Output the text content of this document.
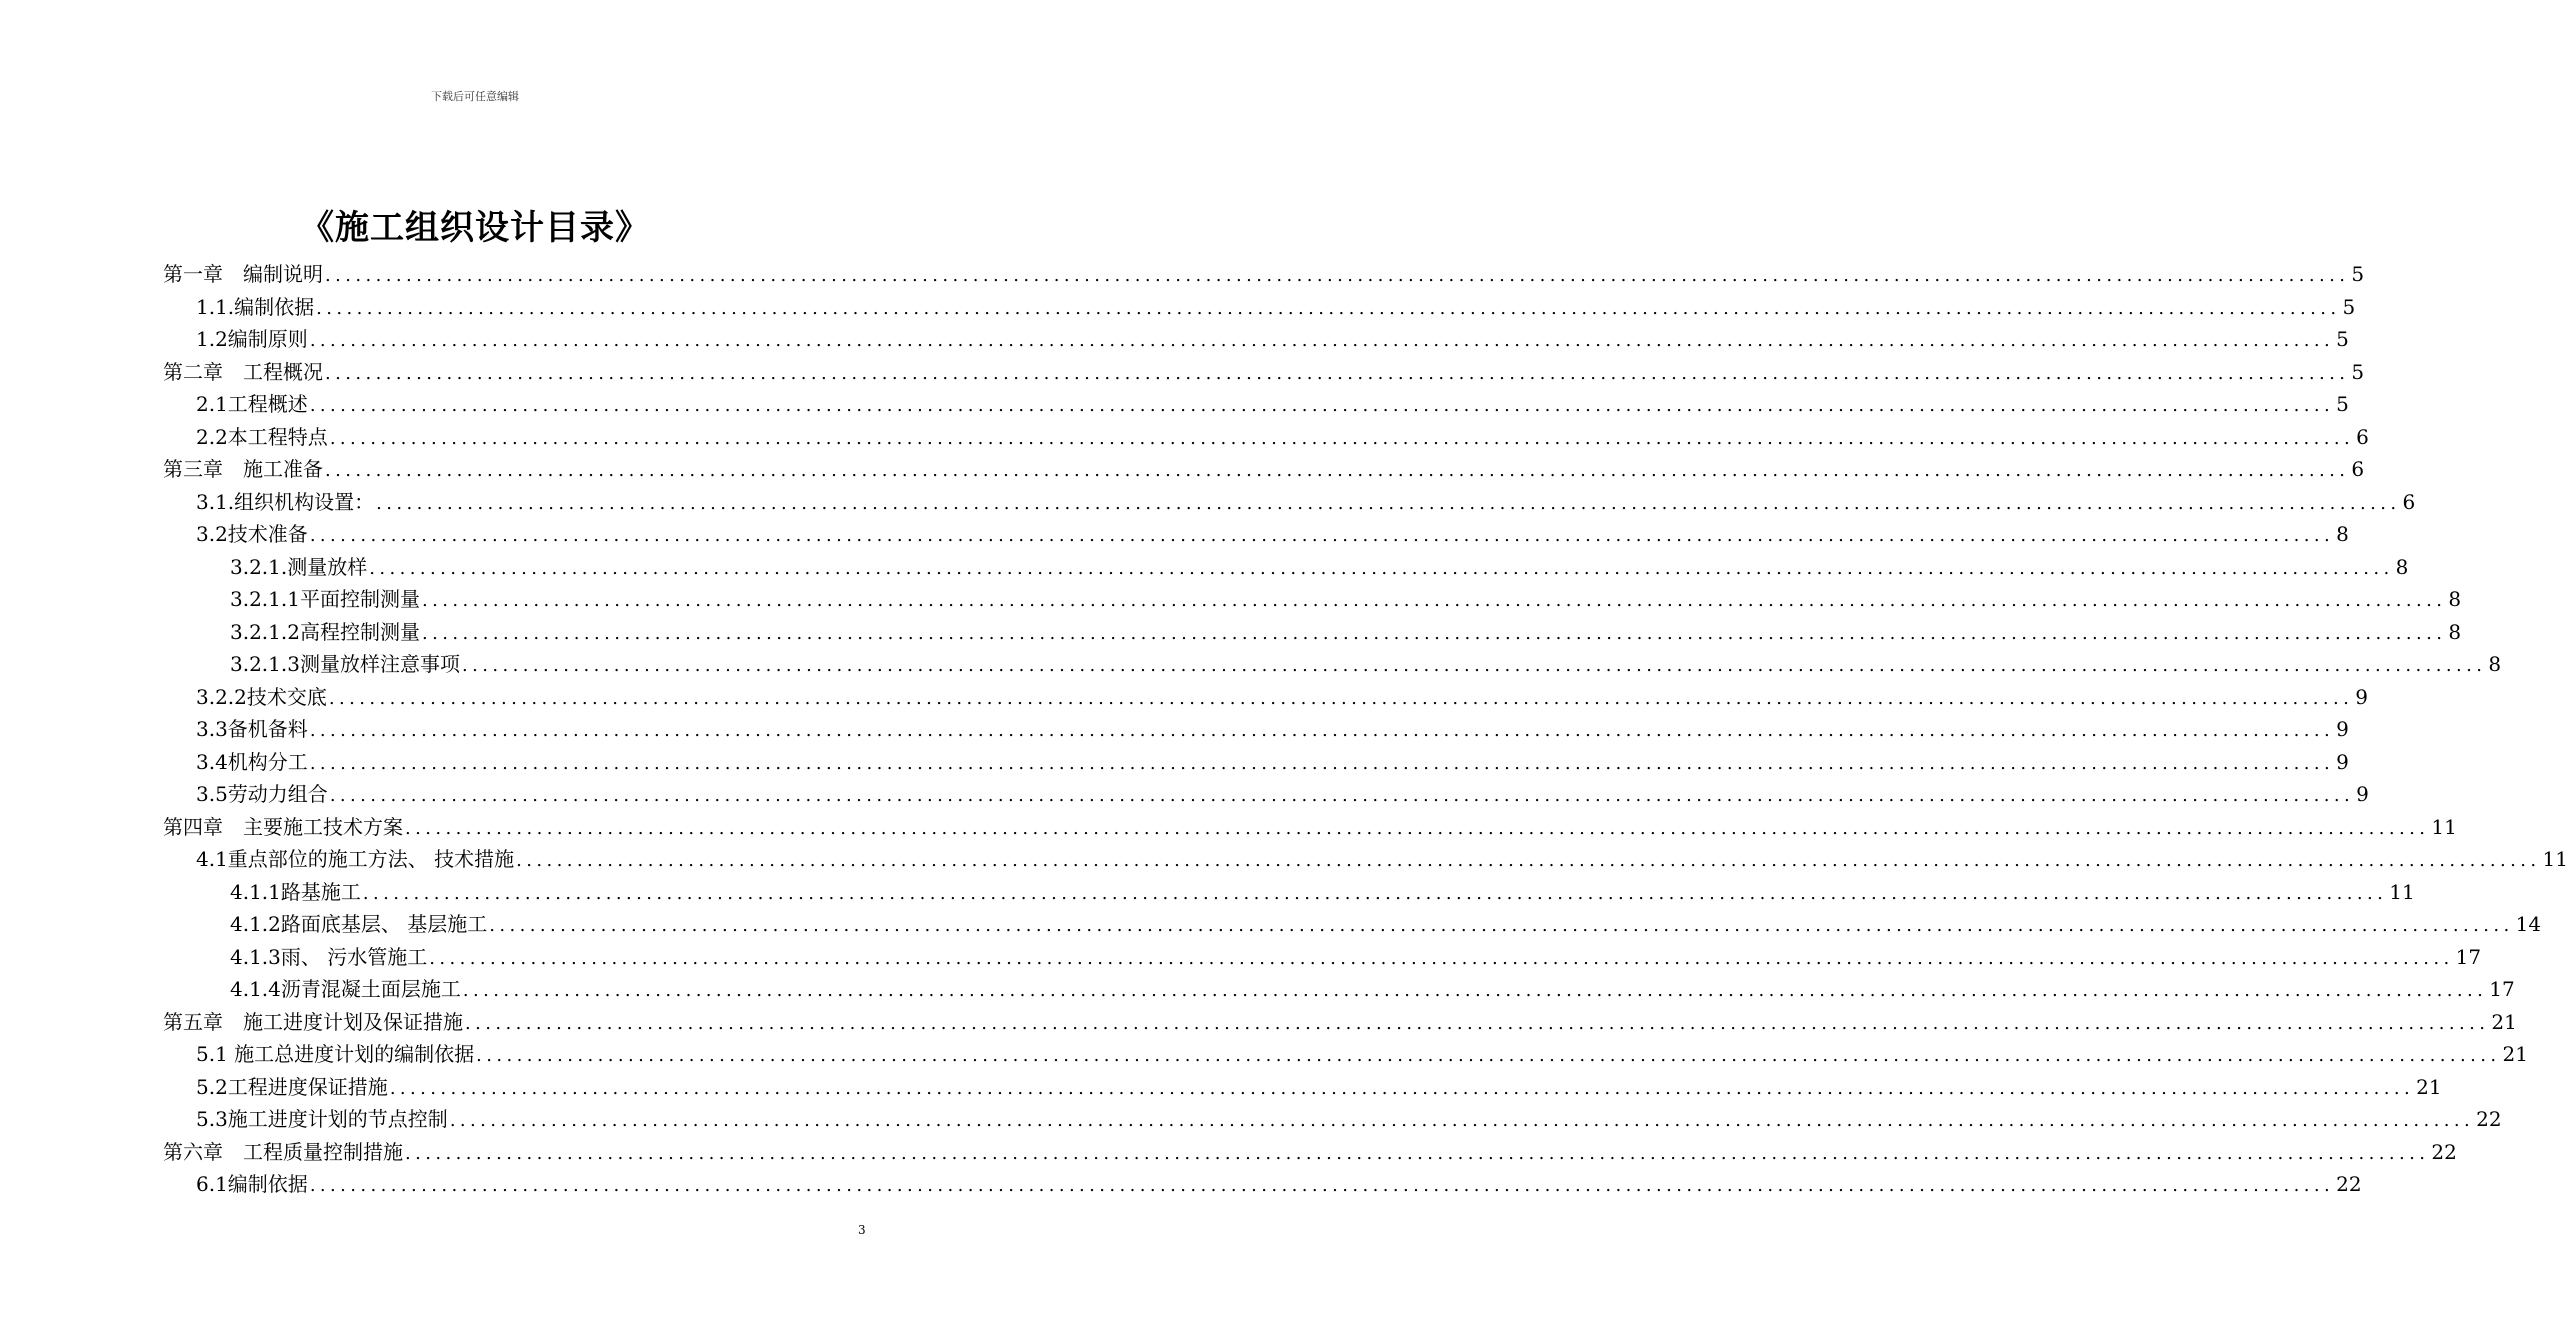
下载后可任意编辑
《施工组织设计目录》
第一章　编制说明 ........................................................................................................................................................................................................ 5
1.1.编制依据 ........................................................................................................................................................................................................ 5
1.2编制原则 ........................................................................................................................................................................................................ 5
第二章　工程概况 ........................................................................................................................................................................................................ 5
2.1工程概述 ........................................................................................................................................................................................................ 5
2.2本工程特点 ........................................................................................................................................................................................................ 6
第三章　施工准备 ........................................................................................................................................................................................................ 6
3.1.组织机构设置： ........................................................................................................................................................................................................ 6
3.2技术准备 ........................................................................................................................................................................................................ 8
3.2.1.测量放样 ........................................................................................................................................................................................................ 8
3.2.1.1平面控制测量 ........................................................................................................................................................................................................ 8
3.2.1.2高程控制测量 ........................................................................................................................................................................................................ 8
3.2.1.3测量放样注意事项 ........................................................................................................................................................................................................ 8
3.2.2技术交底 ........................................................................................................................................................................................................ 9
3.3备机备料 ........................................................................................................................................................................................................ 9
3.4机构分工 ........................................................................................................................................................................................................ 9
3.5劳动力组合 ........................................................................................................................................................................................................ 9
第四章　主要施工技术方案 ........................................................................................................................................................................................................ 11
4.1重点部位的施工方法、 技术措施 ........................................................................................................................................................................................................ 11
4.1.1路基施工 ........................................................................................................................................................................................................ 11
4.1.2路面底基层、 基层施工 ........................................................................................................................................................................................................ 14
4.1.3雨、 污水管施工 ........................................................................................................................................................................................................ 17
4.1.4沥青混凝土面层施工 ........................................................................................................................................................................................................ 17
第五章　施工进度计划及保证措施 ........................................................................................................................................................................................................ 21
5.1 施工总进度计划的编制依据 ........................................................................................................................................................................................................ 21
5.2工程进度保证措施 ........................................................................................................................................................................................................ 21
5.3施工进度计划的节点控制 ........................................................................................................................................................................................................ 22
第六章　工程质量控制措施 ........................................................................................................................................................................................................ 22
6.1编制依据 ........................................................................................................................................................................................................ 22
3
